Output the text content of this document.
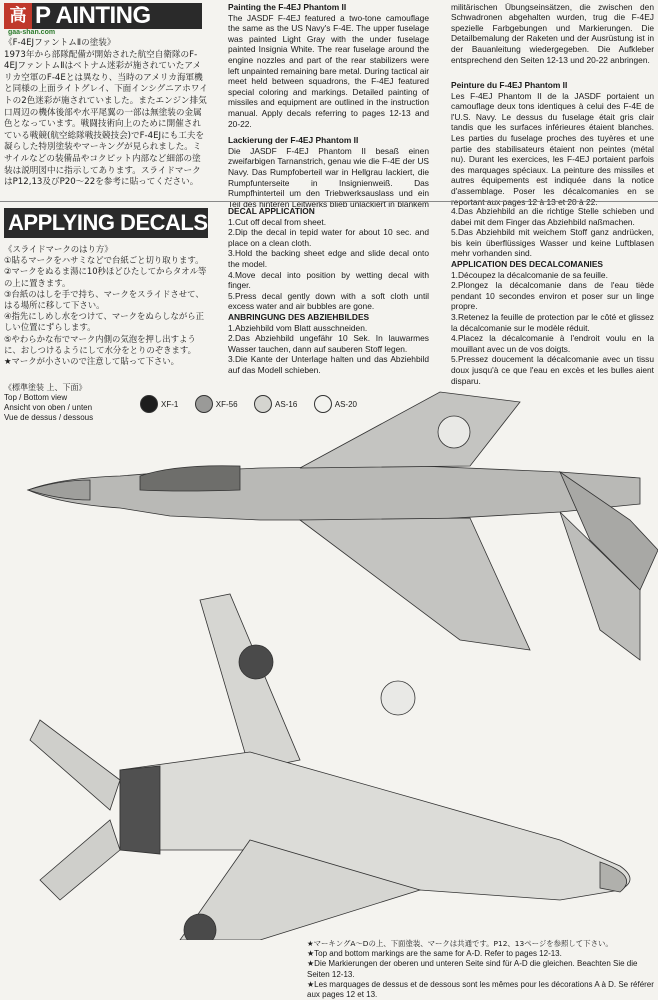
高 P AINTING
gaa-shan.com

《F-4EJファントムⅡの塗装》

1973年から部隊配備が開始された航空自衛隊のF-4EJファントムⅡはベトナム迷彩が施されていたアメリカ空軍のF-4Eとは異なり、当時のアメリカ海軍機と同様の上面ライトグレイ、下面インシグニアホワイトの2色迷彩が施されていました。またエンジン排気口周辺の機体後部や水平尾翼の一部は無塗装の金属色となっています。戦闘技術向上のために開催されている戦競(航空総隊戦技競技会)でF-4EJにも工夫を凝らした特別塗装やマーキングが見られました。ミサイルなどの装備品やコクピット内部など細部の塗装は説明図中に指示してあります。スライドマークはP12,13及びP20〜22を参考に貼ってください。

Painting the F-4EJ Phantom II

The JASDF F-4EJ featured a two-tone camouflage the same as the US Navy's F-4E. The upper fuselage was painted Light Gray with the under fuselage painted Insignia White. The rear fuselage around the engine nozzles and part of the rear stabilizers were left unpainted remaining bare metal. During tactical air meet held between squadrons, the F-4EJ featured special coloring and markings. Detailed painting of missiles and equipment are outlined in the instruction manual. Apply decals referring to pages 12-13 and 20-22.

Lackierung der F-4EJ Phantom II

Die JASDF F-4EJ Phantom II besaß einen zweifarbigen Tarnanstrich, genau wie die F-4E der US Navy. Das Rumpfoberteil war in Hellgrau lackiert, die Rumpfunterseite in Insignienweiß. Das Rumpfhinterteil um den Triebwerksauslass und ein Teil des hinteren Leitwerks blieb unlackiert in blankem

militärischen Übungseinsätzen, die zwischen den Schwadronen abgehalten wurden, trug die F-4EJ spezielle Farbgebungen und Markierungen. Die Detailbemalung der Raketen und der Ausrüstung ist in der Bauanleitung wiedergegeben. Die Aufkleber entsprechend den Seiten 12-13 und 20-22 anbringen.

Peinture du F-4EJ Phantom II

Les F-4EJ Phantom II de la JASDF portaient un camouflage deux tons identiques à celui des F-4E de l'U.S. Navy. Le dessus du fuselage était gris clair tandis que les surfaces inférieures étaient blanches. Les parties du fuselage proches des tuyères et une partie des stabilisateurs étaient non peintes (métal nu). Durant les exercices, les F-4EJ portaient parfois des marquages spéciaux. La peinture des missiles et autres équipements est indiquée dans la notice d'assemblage. Poser les décalcomanies en se reportant aux pages 12 à 13 et 20 à 22.

APPLYING DECALS

《スライドマークのはり方》

①貼るマークをハサミなどで台紙ごと切り取ります。

②マークをぬるま湯に10秒ほどひたしてからタオル等の上に置きます。

③台紙のはしを手で持ち、マークをスライドさせて、はる場所に移して下さい。

④指先にしめし水をつけて、マークをぬらしながら正しい位置にずらします。

⑤やわらかな布でマーク内側の気泡を押し出すように、おしつけるようにして水分をとりのぞきます。

★マークが小さいので注意して貼って下さい。

DECAL APPLICATION

1.Cut off decal from sheet.

2.Dip the decal in tepid water for about 10 sec. and place on a clean cloth.

3.Hold the backing sheet edge and slide decal onto the model.

4.Move decal into position by wetting decal with finger.

5.Press decal gently down with a soft cloth until excess water and air bubbles are gone.

ANBRINGUNG DES ABZIEHBILDES

1.Abziehbild vom Blatt ausschneiden.

2.Das Abziehbild ungefähr 10 Sek. In lauwarmes Wasser tauchen, dann auf sauberen Stoff legen.

3.Die Kante der Unterlage halten und das Abziehbild auf das Modell schieben.

4.Das Abziehbild an die richtige Stelle schieben und dabei mit dem Finger das Abziehbild naßmachen.

5.Das Abziehbild mit weichem Stoff ganz andrücken, bis kein überflüssiges Wasser und keine Luftblasen mehr vorhanden sind.

APPLICATION DES DECALCOMANIES

1.Découpez la décalcomanie de sa feuille.

2.Plongez la décalcomanie dans de l'eau tiède pendant 10 secondes environ et poser sur un linge propre.

3.Retenez la feuille de protection par le côté et glissez la décalcomanie sur le modèle réduit.

4.Placez la décalcomanie à l'endroit voulu en la mouillant avec un de vos doigts.

5.Pressez doucement la décalcomanie avec un tissu doux jusqu'à ce que l'eau en excès et les bulles aient disparu.

《標準塗装 上、下面》

Top / Bottom view

Ansicht von oben / unten

Vue de dessus / dessous

XF-1	XF-56	AS-16	AS-20

★マーキングA〜Dの上、下面塗装、マークは共通です。P12、13ページを参照して下さい。

★Top and bottom markings are the same for A-D. Refer to pages 12-13.

★Die Markierungen der oberen und unteren Seite sind für A-D die gleichen. Beachten Sie die Seiten 12-13.

★Les marquages de dessus et de dessous sont les mêmes pour les décorations A à D. Se référer aux pages 12 et 13.
